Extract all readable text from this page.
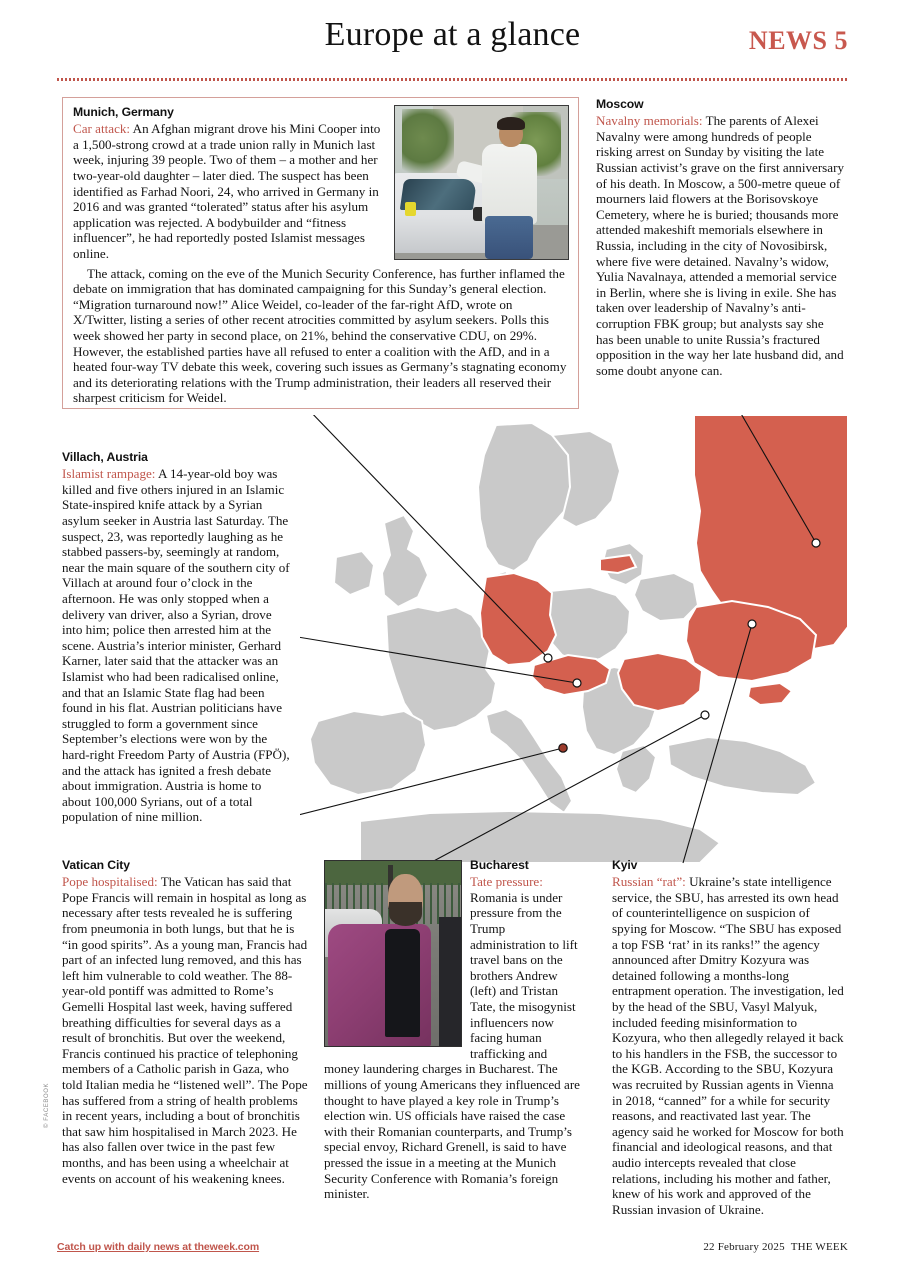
Europe at a glance	NEWS 5
Munich, Germany

Car attack: An Afghan migrant drove his Mini Cooper into a 1,500-strong crowd at a trade union rally in Munich last week, injuring 39 people. Two of them – a mother and her two-year-old daughter – later died. The suspect has been identified as Farhad Noori, 24, who arrived in Germany in 2016 and was granted “tolerated” status after his asylum application was rejected. A bodybuilder and “fitness influencer”, he had reportedly posted Islamist messages online.

The attack, coming on the eve of the Munich Security Conference, has further inflamed the debate on immigration that has dominated campaigning for this Sunday’s general election. “Migration turnaround now!” Alice Weidel, co-leader of the far-right AfD, wrote on X/Twitter, listing a series of other recent atrocities committed by asylum seekers. Polls this week showed her party in second place, on 21%, behind the conservative CDU, on 29%. However, the established parties have all refused to enter a coalition with the AfD, and in a heated four-way TV debate this week, covering such issues as Germany’s stagnating economy and its deteriorating relations with the Trump administration, their leaders all reserved their sharpest criticism for Weidel.

Moscow

Navalny memorials: The parents of Alexei Navalny were among hundreds of people risking arrest on Sunday by visiting the late Russian activist’s grave on the first anniversary of his death. In Moscow, a 500-metre queue of mourners laid flowers at the Borisovskoye Cemetery, where he is buried; thousands more attended makeshift memorials elsewhere in Russia, including in the city of Novosibirsk, where five were detained. Navalny’s widow, Yulia Navalnaya, attended a memorial service in Berlin, where she is living in exile. She has taken over leadership of Navalny’s anti-corruption FBK group; but analysts say she has been unable to unite Russia’s fractured opposition in the way her late husband did, and some doubt anyone can.

Villach, Austria

Islamist rampage: A 14-year-old boy was killed and five others injured in an Islamic State-inspired knife attack by a Syrian asylum seeker in Austria last Saturday. The suspect, 23, was reportedly laughing as he stabbed passers-by, seemingly at random, near the main square of the southern city of Villach at around four o’clock in the afternoon. He was only stopped when a delivery van driver, also a Syrian, drove into him; police then arrested him at the scene. Austria’s interior minister, Gerhard Karner, later said that the attacker was an Islamist who had been radicalised online, and that an Islamic State flag had been found in his flat. Austrian politicians have struggled to form a government since September’s elections were won by the hard-right Freedom Party of Austria (FPÖ), and the attack has ignited a fresh debate about immigration. Austria is home to about 100,000 Syrians, out of a total population of nine million.

Vatican City

Pope hospitalised: The Vatican has said that Pope Francis will remain in hospital as long as necessary after tests revealed he is suffering from pneumonia in both lungs, but that he is “in good spirits”. As a young man, Francis had part of an infected lung removed, and this has left him vulnerable to cold weather. The 88-year-old pontiff was admitted to Rome’s Gemelli Hospital last week, having suffered breathing difficulties for several days as a result of bronchitis. But over the weekend, Francis continued his practice of telephoning members of a Catholic parish in Gaza, who told Italian media he “listened well”. The Pope has suffered from a string of health problems in recent years, including a bout of bronchitis that saw him hospitalised in March 2023. He has also fallen over twice in the past few months, and has been using a wheelchair at events on account of his weakening knees.

© FACEBOOK
Bucharest

Tate pressure: Romania is under pressure from the Trump administration to lift travel bans on the brothers Andrew (left) and Tristan Tate, the misogynist influencers now facing human trafficking and money laundering charges in Bucharest. The millions of young Americans they influenced are thought to have played a key role in Trump’s election win. US officials have raised the case with their Romanian counterparts, and Trump’s special envoy, Richard Grenell, is said to have pressed the issue in a meeting at the Munich Security Conference with Romania’s foreign minister.

Kyiv

Russian “rat”: Ukraine’s state intelligence service, the SBU, has arrested its own head of counterintelligence on suspicion of spying for Moscow. “The SBU has exposed a top FSB ‘rat’ in its ranks!” the agency announced after Dmitry Kozyura was detained following a months-long entrapment operation. The investigation, led by the head of the SBU, Vasyl Malyuk, included feeding misinformation to Kozyura, who then allegedly relayed it back to his handlers in the FSB, the successor to the KGB. According to the SBU, Kozyura was recruited by Russian agents in Vienna in 2018, “canned” for a while for security reasons, and reactivated last year. The agency said he worked for Moscow for both financial and ideological reasons, and that audio intercepts revealed that close relations, including his mother and father, knew of his work and approved of the Russian invasion of Ukraine.

Catch up with daily news at theweek.com	22 February 2025 THE WEEK
